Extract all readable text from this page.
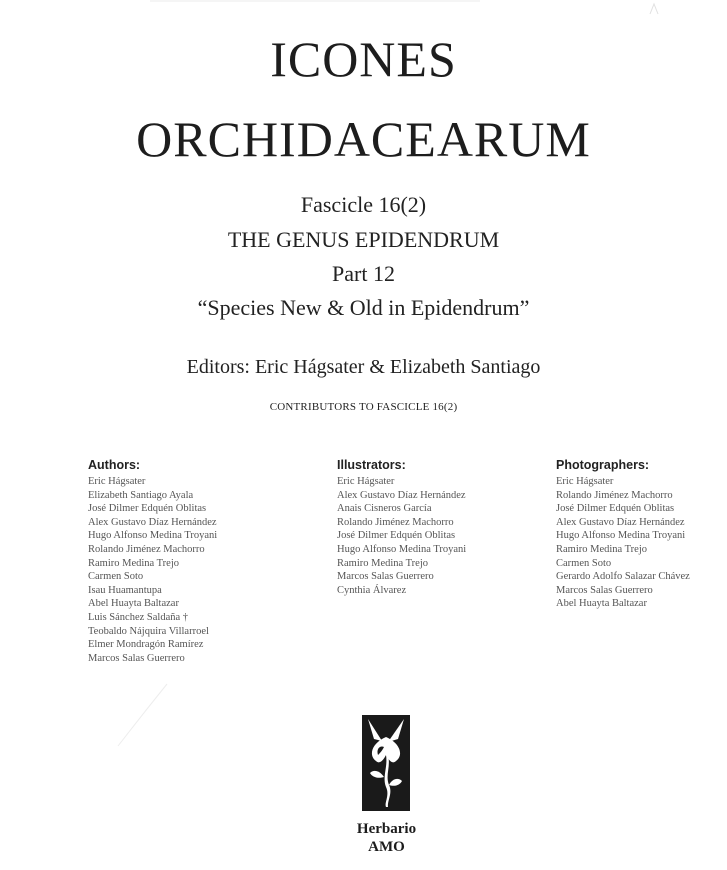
ICONES
ORCHIDACEARUM
Fascicle 16(2)
THE GENUS EPIDENDRUM
Part 12
“Species New & Old in Epidendrum”
Editors: Eric Hágsater & Elizabeth Santiago
CONTRIBUTORS TO FASCICLE 16(2)
Authors:
Eric Hágsater
Elizabeth Santiago Ayala
José Dilmer Edquén Oblitas
Alex Gustavo Díaz Hernández
Hugo Alfonso Medina Troyani
Rolando Jiménez Machorro
Ramiro Medina Trejo
Carmen Soto
Isau Huamantupa
Abel Huayta Baltazar
Luis Sánchez Saldaña †
Teobaldo Nájquira Villarroel
Elmer Mondragón Ramírez
Marcos Salas Guerrero
Illustrators:
Eric Hágsater
Alex Gustavo Díaz Hernández
Anais Cisneros García
Rolando Jiménez Machorro
José Dilmer Edquén Oblitas
Hugo Alfonso Medina Troyani
Ramiro Medina Trejo
Marcos Salas Guerrero
Cynthia Álvarez
Photographers:
Eric Hágsater
Rolando Jiménez Machorro
José Dilmer Edquén Oblitas
Alex Gustavo Díaz Hernández
Hugo Alfonso Medina Troyani
Ramiro Medina Trejo
Carmen Soto
Gerardo Adolfo Salazar Chávez
Marcos Salas Guerrero
Abel Huayta Baltazar
Herbario
AMO
